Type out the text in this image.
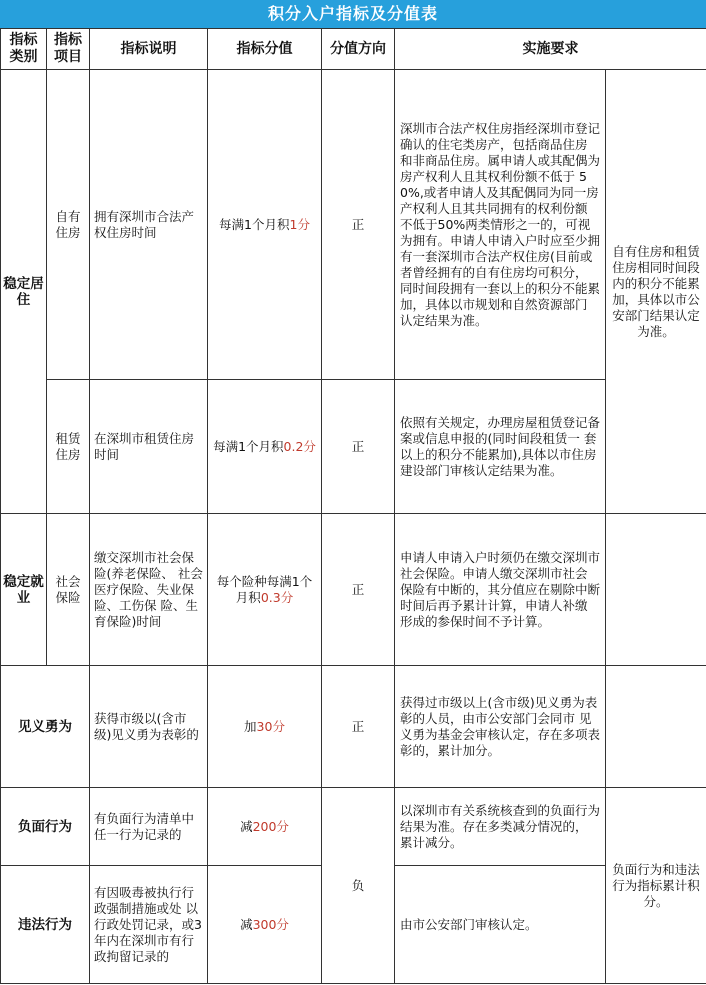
积分入户指标及分值表
指标类别	指标项目	指标说明	指标分值	分值方向	实施要求	
稳定居住	自有住房	拥有深圳市合法产权住房时间	每满1个月积1分	正	深圳市合法产权住房指经深圳市登记确认的住宅类房产，包括商品住房 和非商品住房。属申请人或其配偶为房产权利人且其权利份额不低于 50%,或者申请人及其配偶同为同一房产权利人且其共同拥有的权利份额 不低于50%两类情形之一的，可视为拥有。申请人申请入户时应至少拥 有一套深圳市合法产权住房(目前或者曾经拥有的自有住房均可积分， 同时间段拥有一套以上的积分不能累加，具体以市规划和自然资源部门 认定结果为准。	自有住房和租赁住房相同时间段内的积分不能累加，具体以市公安部门结果认定为准。
	租赁住房	在深圳市租赁住房时间	每满1个月积0.2分	正	依照有关规定，办理房屋租赁登记备案或信息申报的(同时间段租赁一 套以上的积分不能累加),具体以市住房建设部门审核认定结果为准。	
稳定就业	社会保险	缴交深圳市社会保险(养老保险、 社会医疗保险、失业保险、工伤保 险、生育保险)时间	每个险种每满1个月积0.3分	正	申请人申请入户时须仍在缴交深圳市社会保险。申请人缴交深圳市社会 保险有中断的，其分值应在剔除中断时间后再予累计计算，申请人补缴 形成的参保时间不予计算。	
见义勇为		获得市级以(含市级)见义勇为表彰的	加30分	正	获得过市级以上(含市级)见义勇为表彰的人员，由市公安部门会同市 见义勇为基金会审核认定，存在多项表彰的，累计加分。	
负面行为		有负面行为清单中任一行为记录的	减200分	负	以深圳市有关系统核查到的负面行为结果为准。存在多类减分情况的， 累计减分。	负面行为和违法行为指标累计积分。
违法行为		有因吸毒被执行行政强制措施或处 以行政处罚记录，或3年内在深圳市有行政拘留记录的	减300分		由市公安部门审核认定。	
